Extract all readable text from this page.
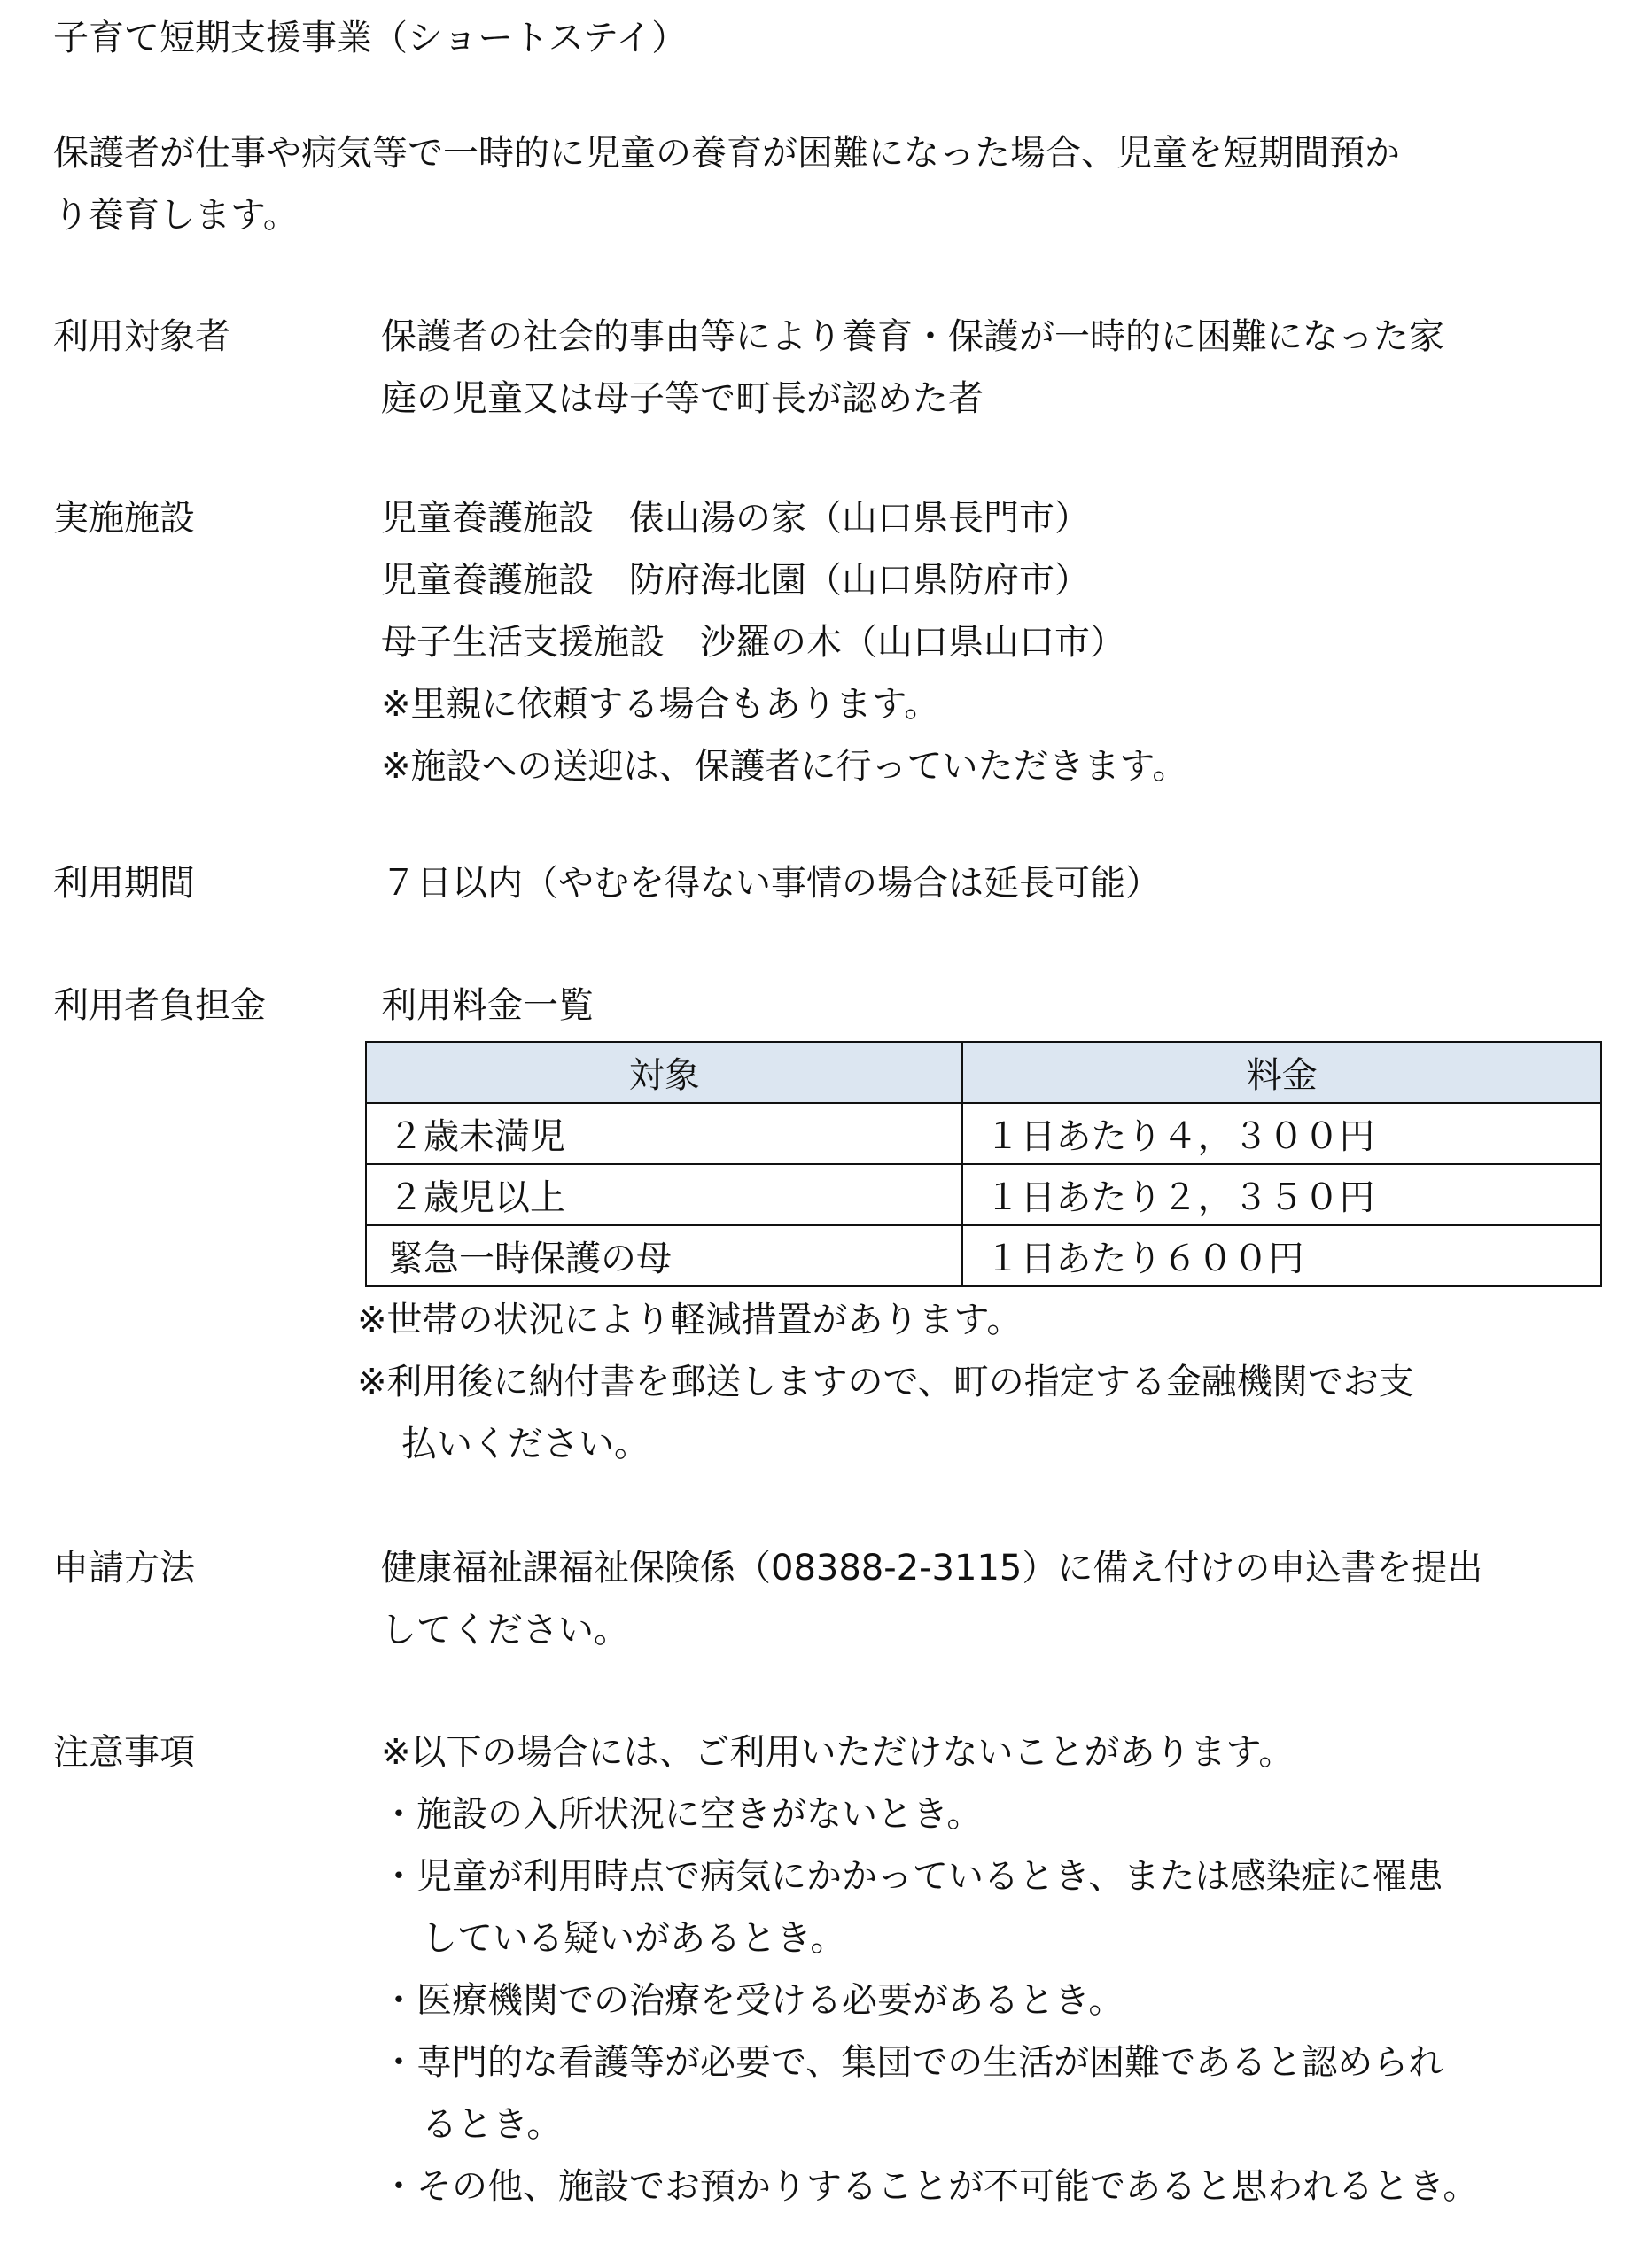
子育て短期支援事業（ショートステイ）
保護者が仕事や病気等で一時的に児童の養育が困難になった場合、児童を短期間預か
り養育します。
利用対象者	保護者の社会的事由等により養育・保護が一時的に困難になった家
庭の児童又は母子等で町長が認めた者
実施施設	児童養護施設　俵山湯の家（山口県長門市）
児童養護施設　防府海北園（山口県防府市）
母子生活支援施設　沙羅の木（山口県山口市）
※里親に依頼する場合もあります。
※施設への送迎は、保護者に行っていただきます。
利用期間	７日以内（やむを得ない事情の場合は延長可能）
利用者負担金	利用料金一覧
対象	料金
２歳未満児	１日あたり４，３００円
２歳児以上	１日あたり２，３５０円
緊急一時保護の母	１日あたり６００円
※世帯の状況により軽減措置があります。
※利用後に納付書を郵送しますので、町の指定する金融機関でお支
払いください。
申請方法	健康福祉課福祉保険係（08388-2-3115）に備え付けの申込書を提出
してください。
注意事項	※以下の場合には、ご利用いただけないことがあります。
・施設の入所状況に空きがないとき。
・児童が利用時点で病気にかかっているとき、または感染症に罹患
している疑いがあるとき。
・医療機関での治療を受ける必要があるとき。
・専門的な看護等が必要で、集団での生活が困難であると認められ
るとき。
・その他、施設でお預かりすることが不可能であると思われるとき。
